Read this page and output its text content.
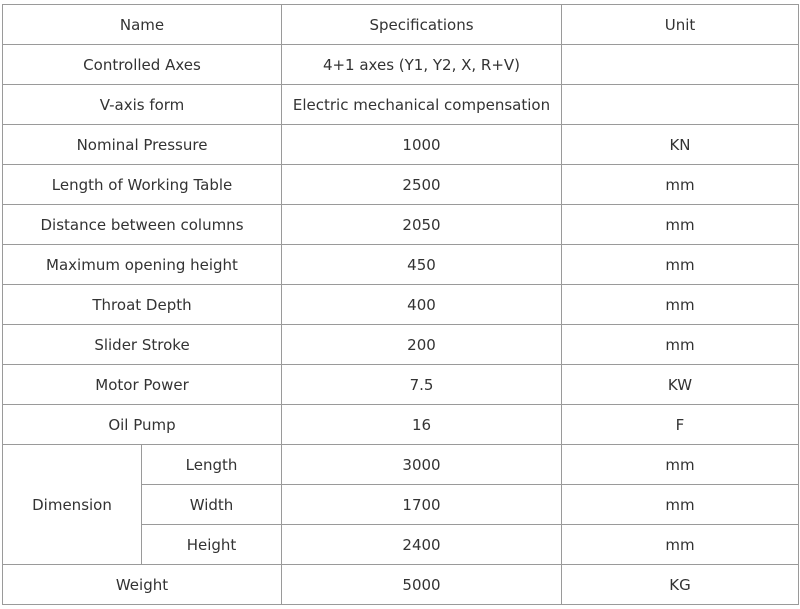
Name		Specifications	Unit
Controlled Axes		4+1 axes (Y1, Y2, X, R+V)	
V-axis form		Electric mechanical compensation	
Nominal Pressure		1000	KN
Length of Working Table		2500	mm
Distance between columns		2050	mm
Maximum opening height		450	mm
Throat Depth		400	mm
Slider Stroke		200	mm
Motor Power		7.5	KW
Oil Pump		16	F
Dimension	Length	3000	mm
	Width	1700	mm
	Height	2400	mm
Weight		5000	KG
